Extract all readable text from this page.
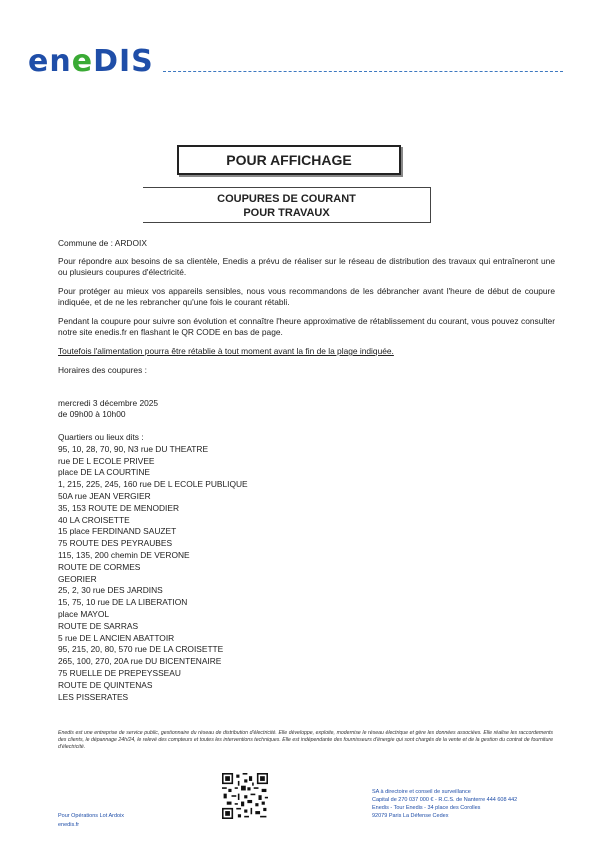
eneDIS
POUR AFFICHAGE
COUPURES DE COURANT
POUR TRAVAUX

Commune de : ARDOIX

Pour répondre aux besoins de sa clientèle, Enedis a prévu de réaliser sur le réseau de distribution des travaux qui entraîneront une ou plusieurs coupures d'électricité.

Pour protéger au mieux vos appareils sensibles, nous vous recommandons de les débrancher avant l'heure de début de coupure indiquée, et de ne les rebrancher qu'une fois le courant rétabli.

Pendant la coupure pour suivre son évolution et connaître l'heure approximative de rétablissement du courant, vous pouvez consulter notre site enedis.fr en flashant le QR CODE en bas de page.

Toutefois l'alimentation pourra être rétablie à tout moment avant la fin de la plage indiquée.

Horaires des coupures :

mercredi 3 décembre 2025
de 09h00 à 10h00
Quartiers ou lieux dits :
95, 10, 28, 70, 90, N3 rue DU THEATRE
rue DE L ECOLE PRIVEE
place DE LA COURTINE
1, 215, 225, 245, 160 rue DE L ECOLE PUBLIQUE
50A rue JEAN VERGIER
35, 153 ROUTE DE MENODIER
40 LA CROISETTE
15 place FERDINAND SAUZET
75 ROUTE DES PEYRAUBES
115, 135, 200 chemin DE VERONE
ROUTE DE CORMES
GEORIER
25, 2, 30 rue DES JARDINS
15, 75, 10 rue DE LA LIBERATION
place MAYOL
ROUTE DE SARRAS
5 rue DE L ANCIEN ABATTOIR
95, 215, 20, 80, 570 rue DE LA CROISETTE
265, 100, 270, 20A rue DU BICENTENAIRE
75 RUELLE DE PREPEYSSEAU
ROUTE DE QUINTENAS
LES PISSERATES
Enedis est une entreprise de service public, gestionnaire du réseau de distribution d'électricité. Elle développe, exploite, modernise le réseau électrique et gère les données associées. Elle réalise les raccordements des clients, le dépannage 24h/24, le relevé des compteurs et toutes les interventions techniques. Elle est indépendante des fournisseurs d'énergie qui sont chargés de la vente et de la gestion du contrat de fourniture d'électricité.
Pour Opérations Lot Ardoix
enedis.fr
SA à directoire et conseil de surveillance
Capital de 270 037 000 € - R.C.S. de Nanterre 444 608 442
Enedis - Tour Enedis - 34 place des Corolles
92079 Paris La Défense Cedex
